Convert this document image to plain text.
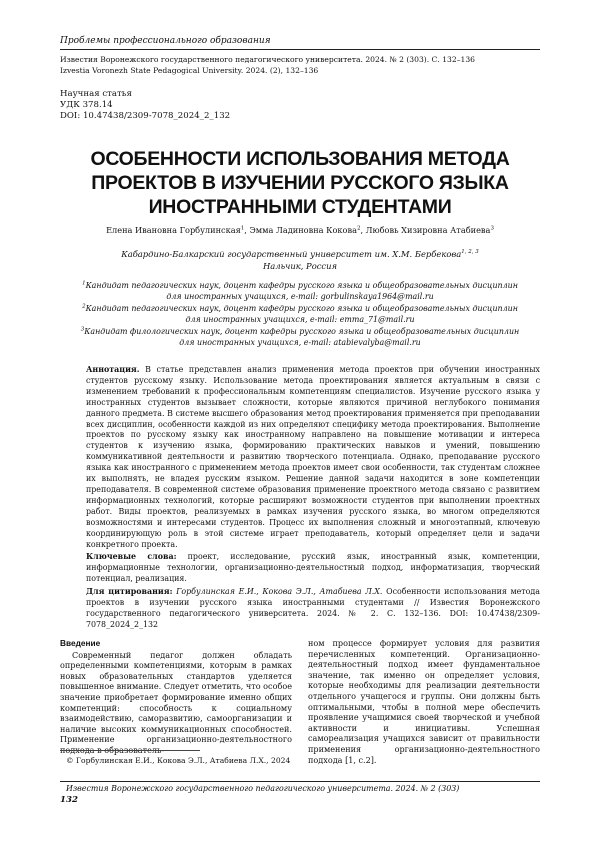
Проблемы профессионального образования
Известия Воронежского государственного педагогического университета. 2024. № 2 (303). С. 132–136
Izvestia Voronezh State Pedagogical University. 2024. (2), 132–136
Научная статья
УДК 378.14
DOI: 10.47438/2309-7078_2024_2_132
ОСОБЕННОСТИ ИСПОЛЬЗОВАНИЯ МЕТОДА
ПРОЕКТОВ В ИЗУЧЕНИИ РУССКОГО ЯЗЫКА
ИНОСТРАННЫМИ СТУДЕНТАМИ
Елена Ивановна Горбулинская$^1$, Эмма Ладиновна Кокова$^2$, Любовь Хизировна Атабиева$^3$
Кабардино-Балкарский государственный университет им. Х.М. Бербекова$^{1, 2, 3}$
Нальчик, Россия
$^1$Кандидат педагогических наук, доцент кафедры русского языка и общеобразовательных дисциплин
для иностранных учащихся, e-mail: gorbulinskaya1964@mail.ru
$^2$Кандидат педагогических наук, доцент кафедры русского языка и общеобразовательных дисциплин
для иностранных учащихся, e-mail: emma_71@mail.ru
$^3$Кандидат филологических наук, доцент кафедры русского языка и общеобразовательных дисциплин
для иностранных учащихся, e-mail: atabievalyba@mail.ru

Аннотация. В статье представлен анализ применения метода проектов при обучении иностранных студентов русскому языку. Использование метода проектирования является актуальным в связи с изменением требований к профессиональным компетенциям специалистов. Изучение русского языка у иностранных студентов вызывает сложности, которые являются причиной неглубокого понимания данного предмета. В системе высшего образования метод проектирования применяется при преподавании всех дисциплин, особенности каждой из них определяют специфику метода проектирования. Выполнение проектов по русскому языку как иностранному направлено на повышение мотивации и интереса студентов к изучению языка, формированию практических навыков и умений, повышению коммуникативной деятельности и развитию творческого потенциала. Однако, преподавание русского языка как иностранного с применением метода проектов имеет свои особенности, так студентам сложнее их выполнять, не владея русским языком. Решение данной задачи находится в зоне компетенции преподавателя. В современной системе образования применение проектного метода связано с развитием информационных технологий, которые расширяют возможности студентов при выполнении проектных работ. Виды проектов, реализуемых в рамках изучения русского языка, во многом определяются возможностями и интересами студентов. Процесс их выполнения сложный и многоэтапный, ключевую координирующую роль в этой системе играет преподаватель, который определяет цели и задачи конкретного проекта.

Ключевые слова: проект, исследование, русский язык, иностранный язык, компетенции, информационные технологии, организационно-деятельностный подход, информатизация, творческий потенциал, реализация.

Для цитирования: Горбулинская Е.И., Кокова Э.Л., Атабиева Л.Х. Особенности использования метода проектов в изучении русского языка иностранными студентами // Известия Воронежского государственного педагогического университета. 2024. № 2. С. 132–136. DOI: 10.47438/2309-7078_2024_2_132

Введение

Современный педагог должен обладать определенными компетенциями, которым в рамках новых образовательных стандартов уделяется повышенное внимание. Следует отметить, что особое значение приобретает формирование именно общих компетенций: способность к социальному взаимодействию, саморазвитию, самоорганизации и наличие высоких коммуникационных способностей. Применение организационно-деятельностного подхода в образователь-

ном процессе формирует условия для развития перечисленных компетенций. Организационно-деятельностный подход имеет фундаментальное значение, так именно он определяет условия, которые необходимы для реализации деятельности отдельного учащегося и группы. Они должны быть оптимальными, чтобы в полной мере обеспечить проявление учащимися своей творческой и учебной активности и инициативы. Успешная самореализация учащихся зависит от правильности применения организационно-деятельностного подхода [1, с.2].

© Горбулинская Е.И., Кокова Э.Л., Атабиева Л.Х., 2024
Известия Воронежского государственного педагогического университета. 2024. № 2 (303)
132
